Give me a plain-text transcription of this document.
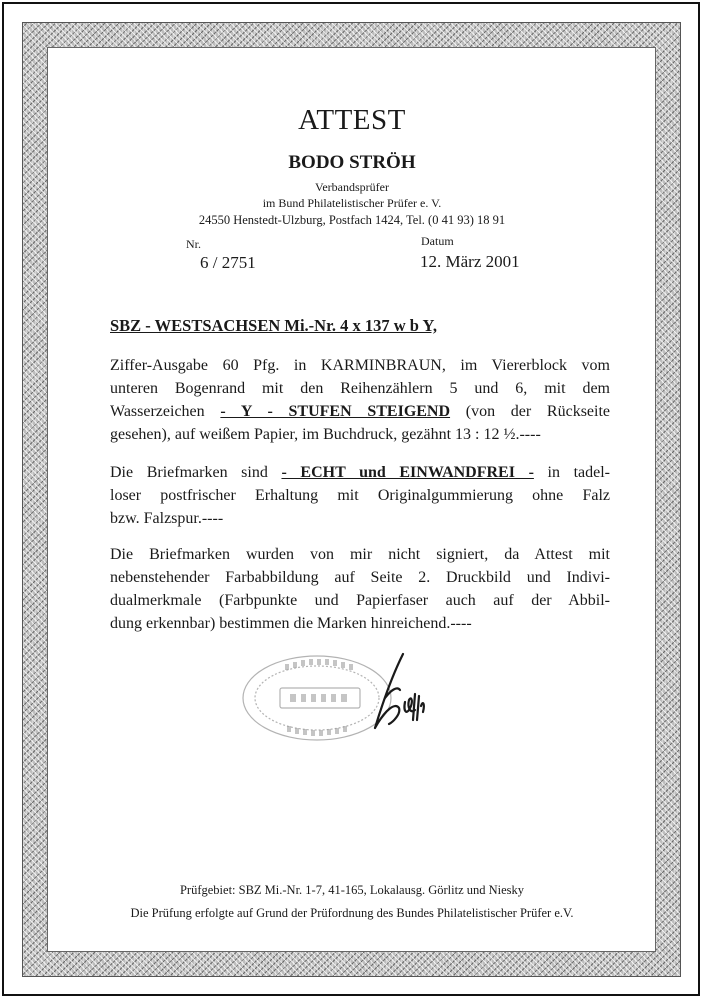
ATTEST
BODO STRÖH
Verbandsprüfer
im Bund Philatelistischer Prüfer e. V.
24550 Henstedt-Ulzburg, Postfach 1424, Tel. (0 41 93) 18 91
Nr.
6 / 2751
Datum
12. März 2001
SBZ - WESTSACHSEN Mi.-Nr. 4 x 137 w b Y,
Ziffer-Ausgabe 60 Pfg. in KARMINBRAUN, im Viererblock vom
unteren Bogenrand mit den Reihenzählern 5 und 6, mit dem
Wasserzeichen - Y - STUFEN STEIGEND (von der Rückseite
gesehen), auf weißem Papier, im Buchdruck, gezähnt 13 : 12 ½.----
Die Briefmarken sind - ECHT und EINWANDFREI - in tadel-
loser postfrischer Erhaltung mit Originalgummierung ohne Falz
bzw. Falzspur.----
Die Briefmarken wurden von mir nicht signiert, da Attest mit
nebenstehender Farbabbildung auf Seite 2. Druckbild und Indivi-
dualmerkmale (Farbpunkte und Papierfaser auch auf der Abbil-
dung erkennbar) bestimmen die Marken hinreichend.----
Prüfgebiet: SBZ Mi.-Nr. 1-7, 41-165, Lokalausg. Görlitz und Niesky
Die Prüfung erfolgte auf Grund der Prüfordnung des Bundes Philatelistischer Prüfer e.V.
